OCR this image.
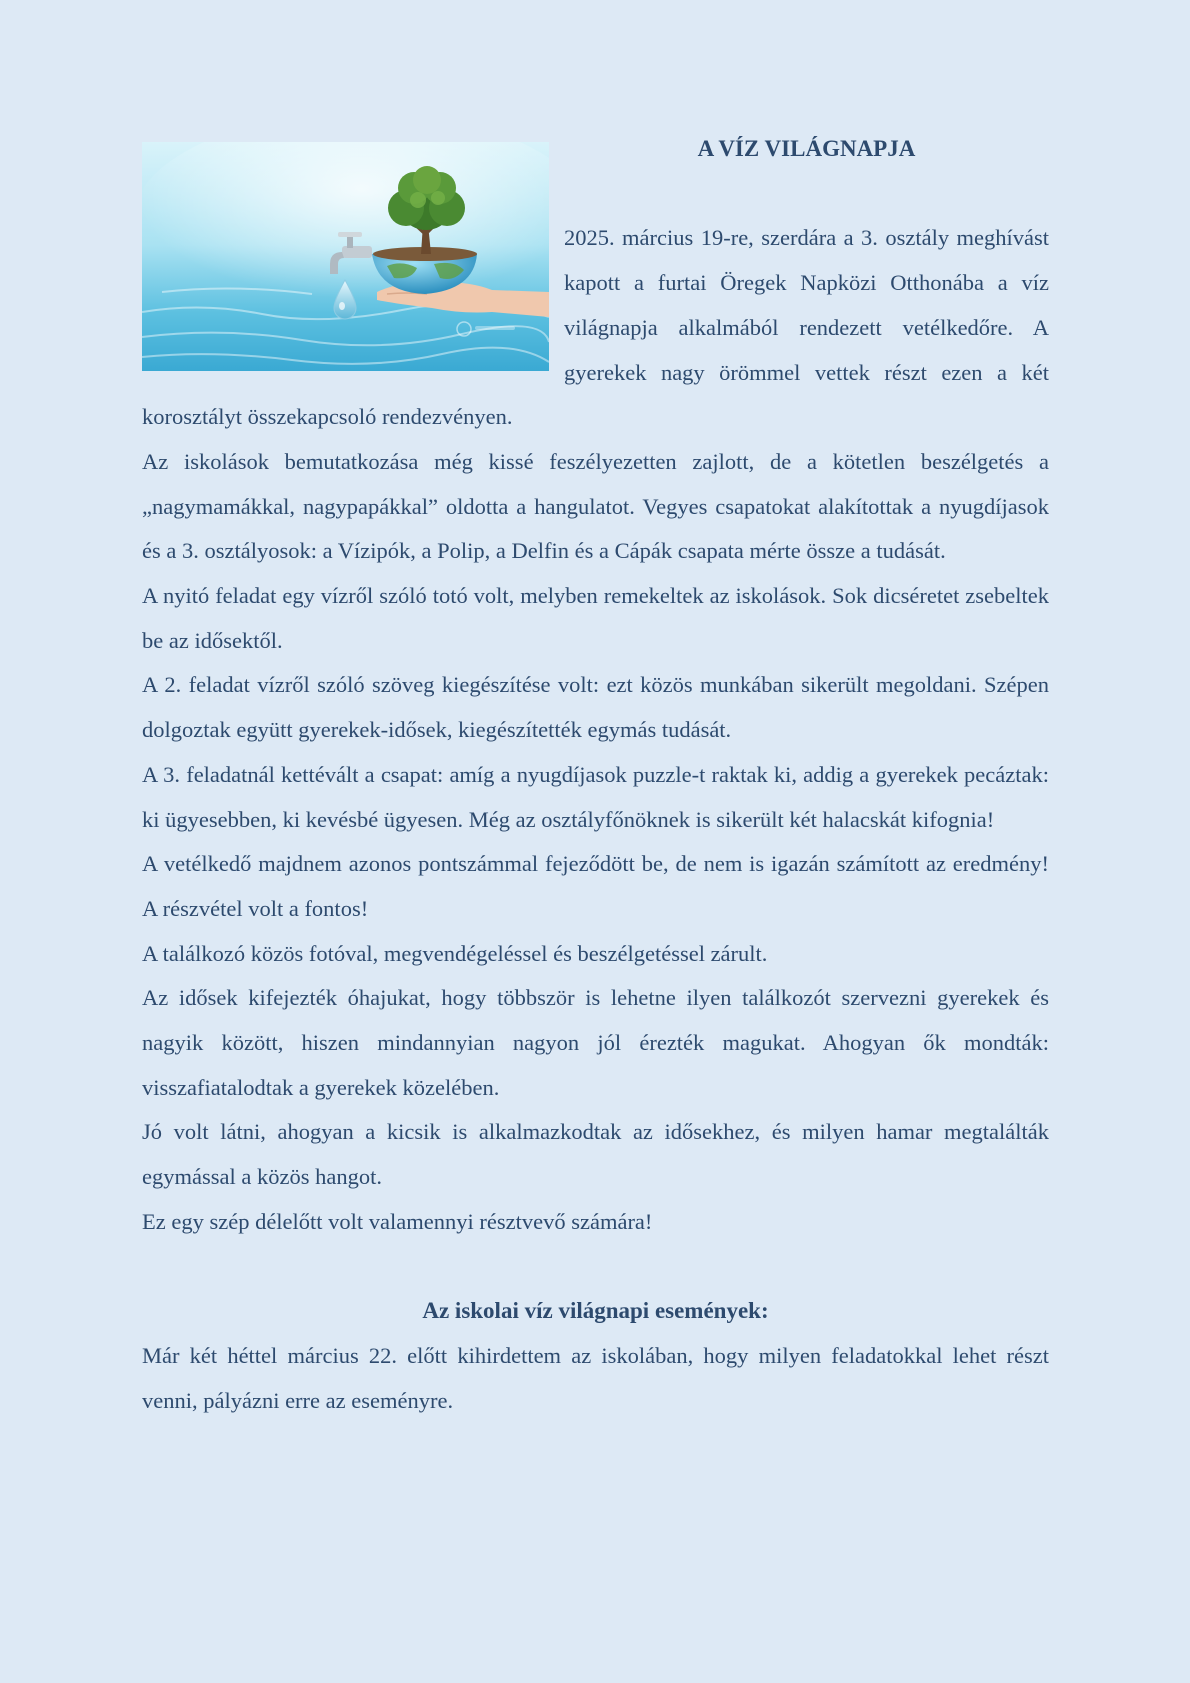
A VÍZ VILÁGNAPJA

2025. március 19-re, szerdára a 3. osztály meghívást kapott a furtai Öregek Napközi Otthonába a víz világnapja alkalmából rendezett vetélkedőre. A gyerekek nagy örömmel vettek részt ezen a két korosztályt összekapcsoló rendezvényen.

Az iskolások bemutatkozása még kissé feszélyezetten zajlott, de a kötetlen beszélgetés a „nagymamákkal, nagypapákkal” oldotta a hangulatot. Vegyes csapatokat alakítottak a nyugdíjasok és a 3. osztályosok: a Vízipók, a Polip, a Delfin és a Cápák csapata mérte össze a tudását.

A nyitó feladat egy vízről szóló totó volt, melyben remekeltek az iskolások. Sok dicséretet zsebeltek be az idősektől.

A 2. feladat vízről szóló szöveg kiegészítése volt: ezt közös munkában sikerült megoldani. Szépen dolgoztak együtt gyerekek-idősek, kiegészítették egymás tudását.

A 3. feladatnál kettévált a csapat: amíg a nyugdíjasok puzzle-t raktak ki, addig a gyerekek pecáztak: ki ügyesebben, ki kevésbé ügyesen. Még az osztályfőnöknek is sikerült két halacskát kifognia!

A vetélkedő majdnem azonos pontszámmal fejeződött be, de nem is igazán számított az eredmény! A részvétel volt a fontos!

A találkozó közös fotóval, megvendégeléssel és beszélgetéssel zárult.

Az idősek kifejezték óhajukat, hogy többször is lehetne ilyen találkozót szervezni gyerekek és nagyik között, hiszen mindannyian nagyon jól érezték magukat. Ahogyan ők mondták: visszafiatalodtak a gyerekek közelében.

Jó volt látni, ahogyan a kicsik is alkalmazkodtak az idősekhez, és milyen hamar megtalálták egymással a közös hangot.

Ez egy szép délelőtt volt valamennyi résztvevő számára!

Az iskolai víz világnapi események:

Már két héttel március 22. előtt kihirdettem az iskolában, hogy milyen feladatokkal lehet részt venni, pályázni erre az eseményre.
